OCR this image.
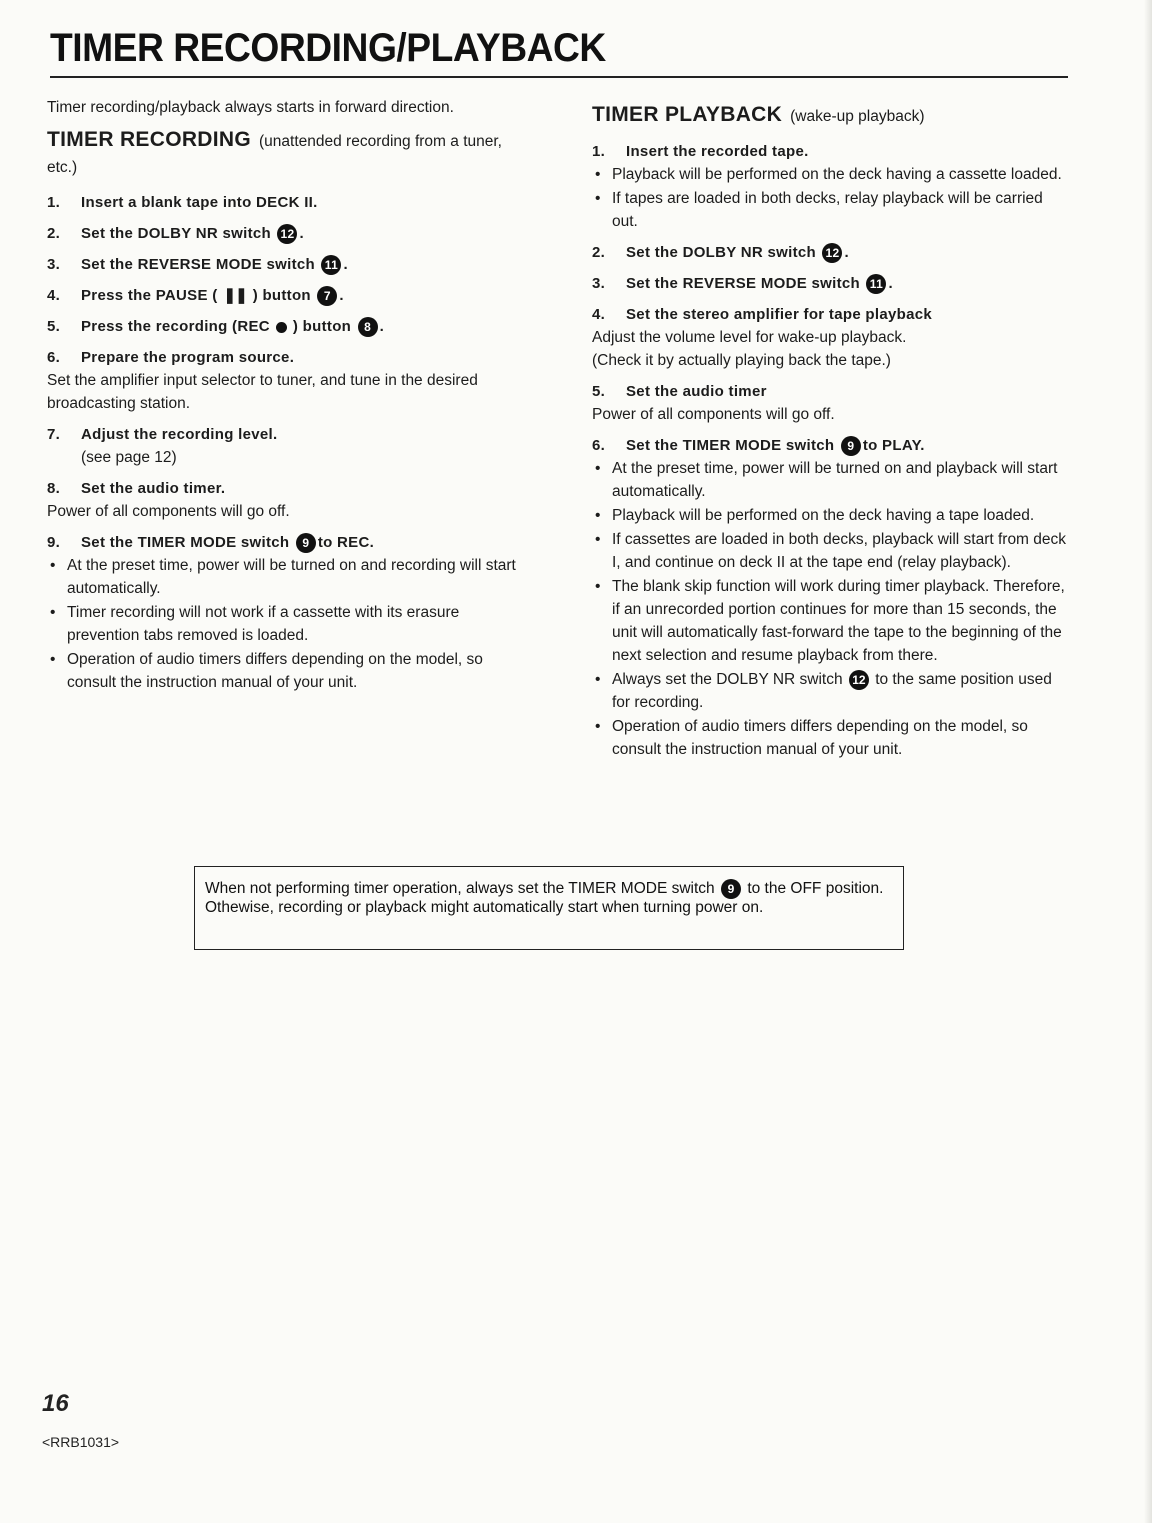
TIMER RECORDING/PLAYBACK

Timer recording/playback always starts in forward direction.

TIMER RECORDING (unattended recording from a tuner, etc.)

1. Insert a blank tape into DECK II.

2. Set the DOLBY NR switch 12 .

3. Set the REVERSE MODE switch 11 .

4. Press the PAUSE ( ❚❚ ) button 7 .

5. Press the recording (REC ) button 8 .

6. Prepare the program source.

Set the amplifier input selector to tuner, and tune in the desired broadcasting station.

7. Adjust the recording level.

(see page 12)

8. Set the audio timer.

Power of all components will go off.

9. Set the TIMER MODE switch 9 to REC.

• At the preset time, power will be turned on and recording will start automatically.
• Timer recording will not work if a cassette with its erasure prevention tabs removed is loaded.
• Operation of audio timers differs depending on the model, so consult the instruction manual of your unit.

TIMER PLAYBACK (wake-up playback)

1. Insert the recorded tape.

• Playback will be performed on the deck having a cassette loaded.
• If tapes are loaded in both decks, relay playback will be carried out.

2. Set the DOLBY NR switch 12 .

3. Set the REVERSE MODE switch 11 .

4. Set the stereo amplifier for tape playback

Adjust the volume level for wake-up playback.

(Check it by actually playing back the tape.)

5. Set the audio timer

Power of all components will go off.

6. Set the TIMER MODE switch 9 to PLAY.

• At the preset time, power will be turned on and playback will start automatically.
• Playback will be performed on the deck having a tape loaded.
• If cassettes are loaded in both decks, playback will start from deck I, and continue on deck II at the tape end (relay playback).
• The blank skip function will work during timer playback. Therefore, if an unrecorded portion continues for more than 15 seconds, the unit will automatically fast-forward the tape to the beginning of the next selection and resume playback from there.
• Always set the DOLBY NR switch 12 to the same position used for recording.
• Operation of audio timers differs depending on the model, so consult the instruction manual of your unit.
When not performing timer operation, always set the TIMER MODE switch 9 to the OFF position. Othewise, recording or playback might automatically start when turning power on.
16
<RRB1031>
